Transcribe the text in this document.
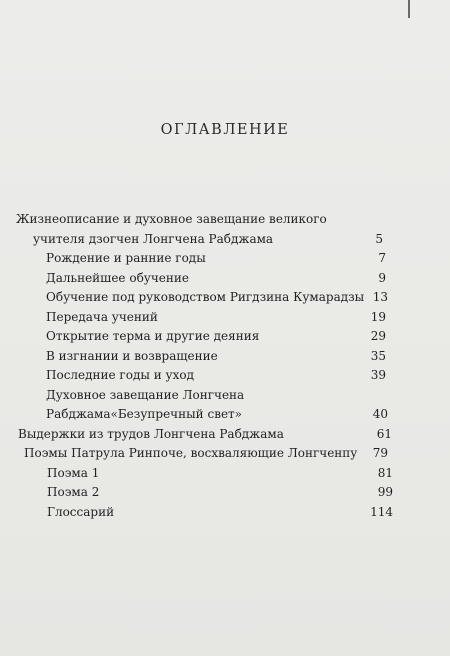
ОГЛАВЛЕНИЕ
Жизнеописание и духовное завещание великого
учителя дзогчен Лонгчена Рабджама	5
Рождение и ранние годы	7
Дальнейшее обучение	9
Обучение под руководством Ригдзина Кумарадзы 13
Передача учений	19
Открытие терма и другие деяния	29
В изгнании и возвращение	35
Последние годы и уход	39
Духовное завещание Лонгчена
Рабджама«Безупречный свет»	40
Выдержки из трудов Лонгчена Рабджама	61
Поэмы Патрула Ринпоче, восхваляющие Лонгченпу	79
Поэма 1	81
Поэма 2	99
Глоссарий	114
